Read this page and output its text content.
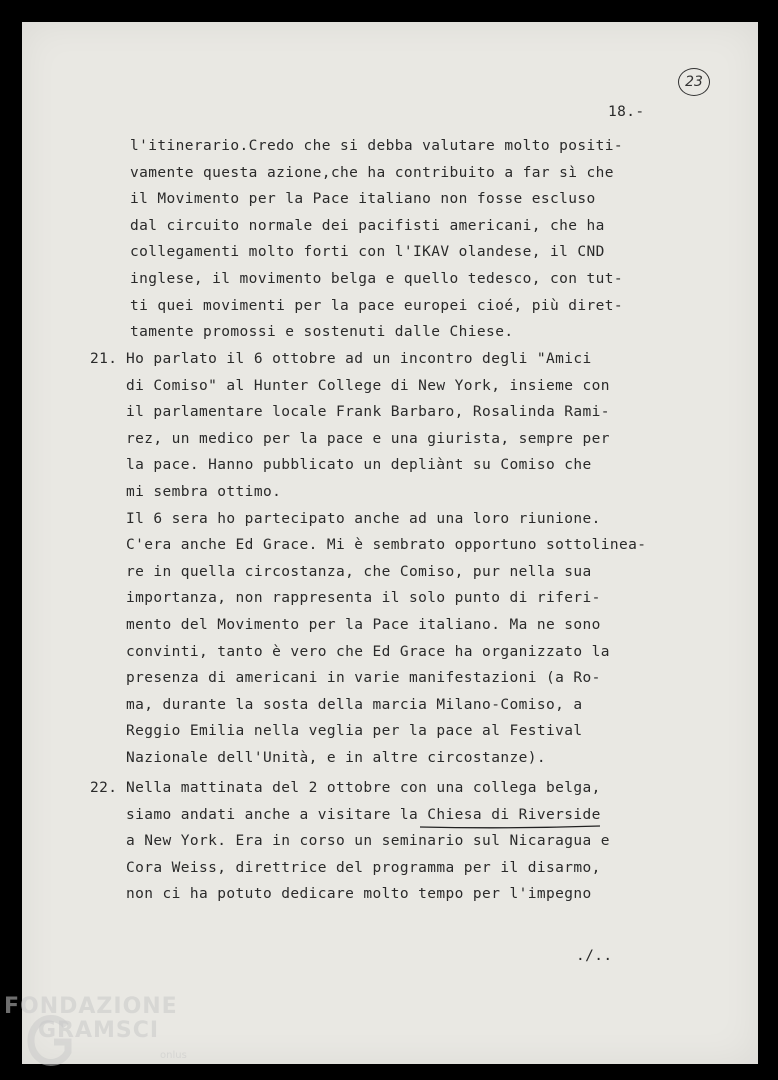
23
18.-

l'itinerario.Credo che si debba valutare molto positi-

vamente questa azione,che ha contribuito a far sì che

il Movimento per la Pace italiano non fosse escluso

dal circuito normale dei pacifisti americani, che ha

collegamenti molto forti con l'IKAV olandese, il CND

inglese, il movimento belga e quello tedesco, con tut-

ti quei movimenti per la pace europei cioé, più diret-

tamente promossi e sostenuti dalle Chiese.

21.

Ho parlato il 6 ottobre ad un incontro degli "Amici

di Comiso" al Hunter College di New York, insieme con

il parlamentare locale Frank Barbaro, Rosalinda Rami-

rez, un medico per la pace e una giurista, sempre per

la pace. Hanno pubblicato un depliànt su Comiso che

mi sembra ottimo.

Il 6 sera ho partecipato anche ad una loro riunione.

C'era anche Ed Grace. Mi è sembrato opportuno sottolinea-

re in quella circostanza, che Comiso, pur nella sua

importanza, non rappresenta il solo punto di riferi-

mento del Movimento per la Pace italiano. Ma ne sono

convinti, tanto è vero che Ed Grace ha organizzato la

presenza di americani in varie manifestazioni (a Ro-

ma, durante la sosta della marcia Milano-Comiso, a

Reggio Emilia nella veglia per la pace al Festival

Nazionale dell'Unità, e in altre circostanze).

22.

Nella mattinata del 2 ottobre con una collega belga,

siamo andati anche a visitare la Chiesa di Riverside

a New York. Era in corso un seminario sul Nicaragua e

Cora Weiss, direttrice del programma per il disarmo,

non ci ha potuto dedicare molto tempo per l'impegno

./..
FONDAZIONE
GRAMSCI
onlus
